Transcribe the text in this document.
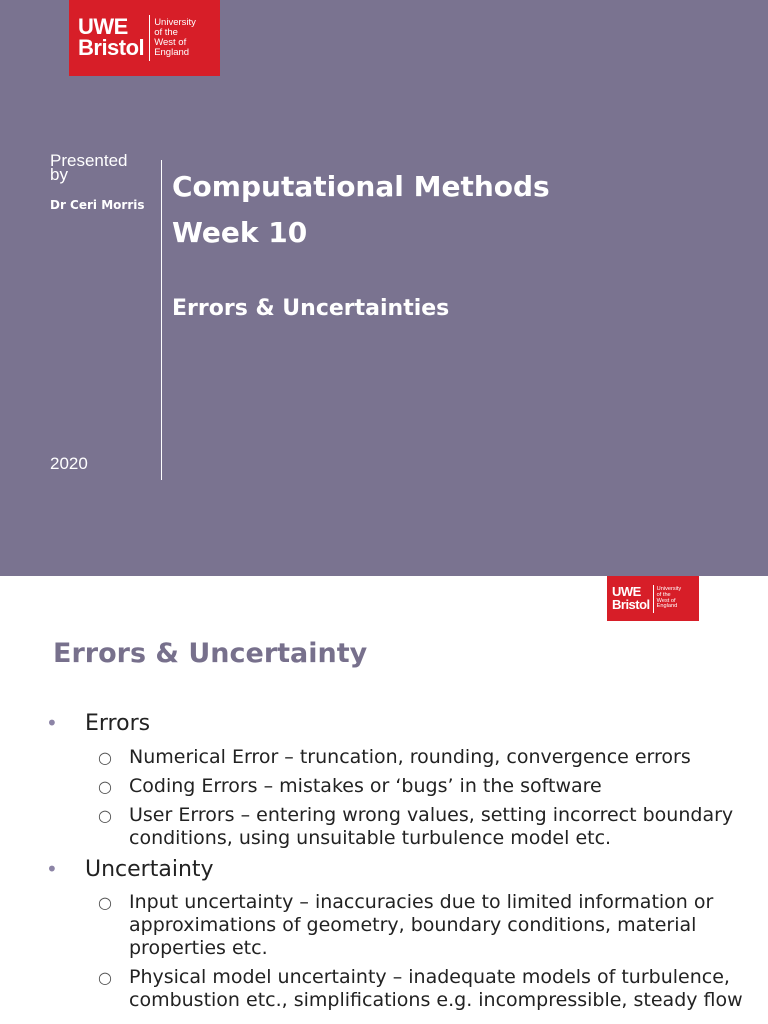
UWE
Bristol
University
of the
West of
England
Presented by
Dr Ceri Morris
Computational Methods
Week 10
Errors & Uncertainties
2020
UWE
Bristol
University
of the
West of
England
Errors & Uncertainty
• Errors
○ Numerical Error – truncation, rounding, convergence errors
○ Coding Errors – mistakes or ‘bugs’ in the software
○ User Errors – entering wrong values, setting incorrect boundary conditions, using unsuitable turbulence model etc.
• Uncertainty
○ Input uncertainty – inaccuracies due to limited information or approximations of geometry, boundary conditions, material properties etc.
○ Physical model uncertainty – inadequate models of turbulence, combustion etc., simplifications e.g. incompressible, steady flow
